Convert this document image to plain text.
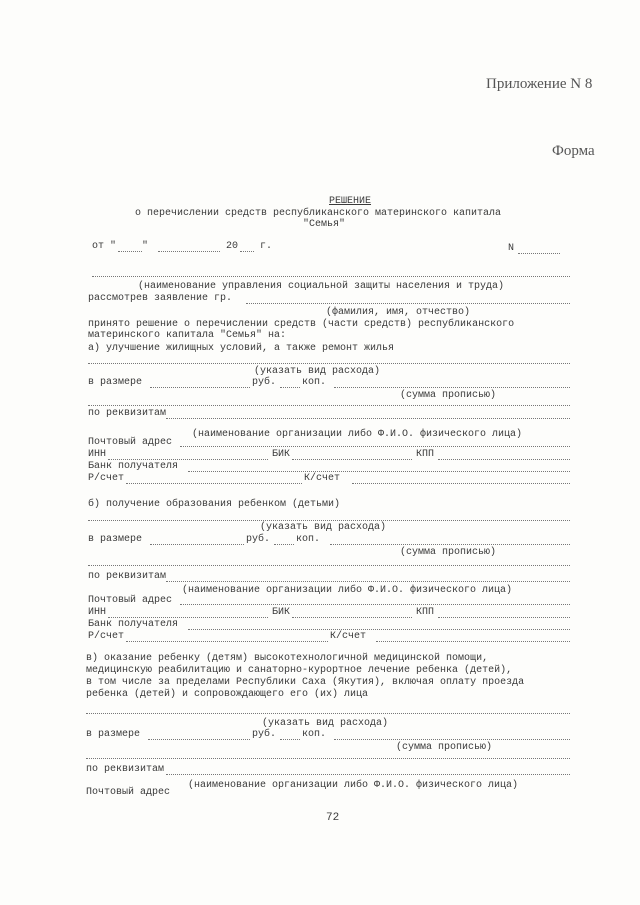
Приложение N 8
Форма
РЕШЕНИЕ
о перечислении средств республиканского материнского капитала
"Семья"
от "	"	20 г.	N
(наименование управления социальной защиты населения и труда)
рассмотрев заявление гр.
(фамилия, имя, отчество)
принято решение о перечислении средств (части средств) республиканского
материнского капитала "Семья" на:
а) улучшение жилищных условий, а также ремонт жилья
(указать вид расхода)
в размере	руб.	коп.
(сумма прописью)
по реквизитам
(наименование организации либо Ф.И.О. физического лица)
Почтовый адрес
ИНН	БИК	КПП
Банк получателя
Р/счет	К/счет
б) получение образования ребенком (детьми)
(указать вид расхода)
в размере	руб.	коп.
(сумма прописью)
по реквизитам
(наименование организации либо Ф.И.О. физического лица)
Почтовый адрес
ИНН	БИК	КПП
Банк получателя
Р/счет	К/счет
в) оказание ребенку (детям) высокотехнологичной медицинской помощи,
медицинскую реабилитацию и санаторно-курортное лечение ребенка (детей),
в том числе за пределами Республики Саха (Якутия), включая оплату проезда
ребенка (детей) и сопровождающего его (их) лица
(указать вид расхода)
в размере	руб.	коп.
(сумма прописью)
по реквизитам
(наименование организации либо Ф.И.О. физического лица)
Почтовый адрес
72
